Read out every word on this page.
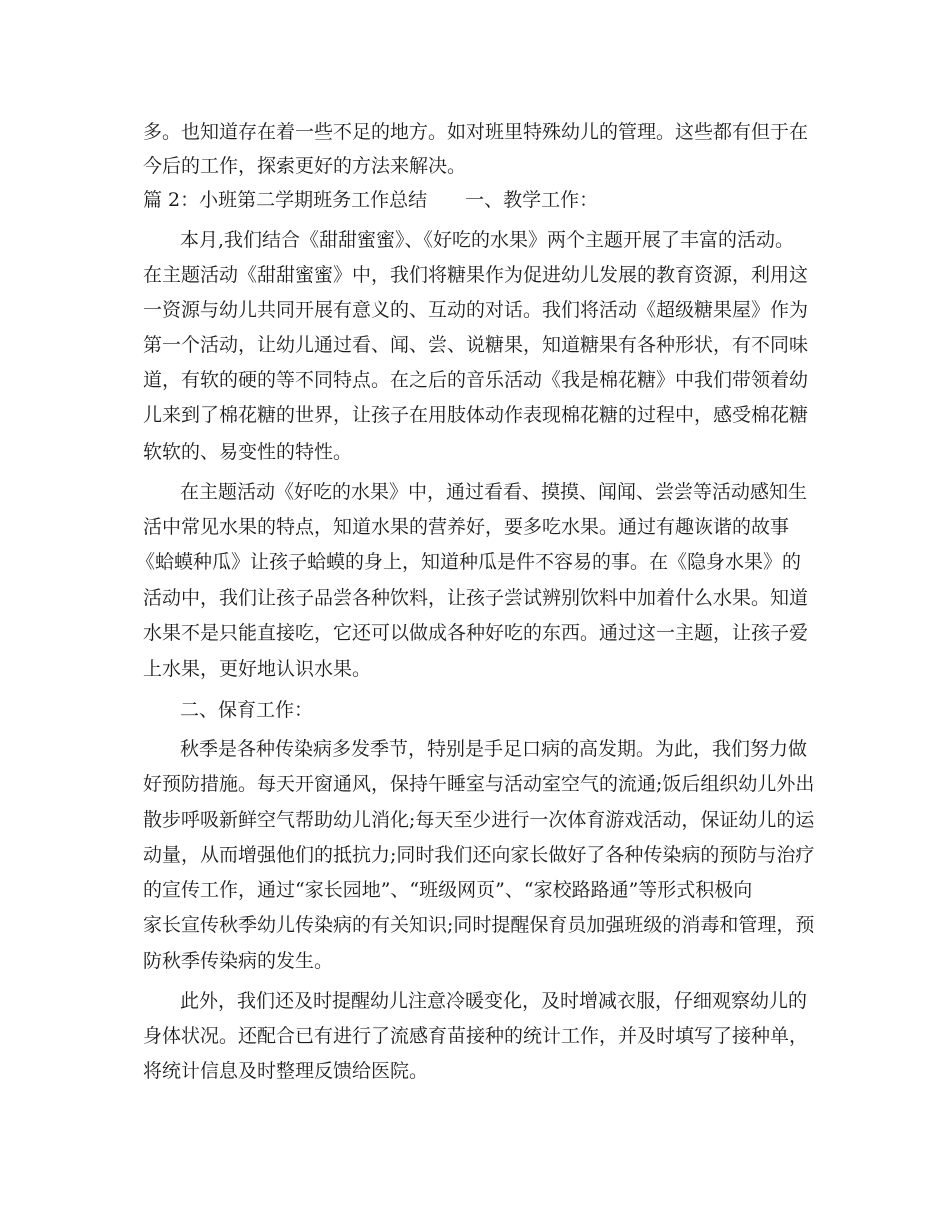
多。也知道存在着一些不足的地方。如对班里特殊幼儿的管理。这些都有但于在
今后的工作，探索更好的方法来解决。
篇 2：小班第二学期班务工作总结　　一、教学工作：
本月,我们结合《甜甜蜜蜜》、《好吃的水果》两个主题开展了丰富的活动。
在主题活动《甜甜蜜蜜》中，我们将糖果作为促进幼儿发展的教育资源，利用这
一资源与幼儿共同开展有意义的、互动的对话。我们将活动《超级糖果屋》作为
第一个活动，让幼儿通过看、闻、尝、说糖果，知道糖果有各种形状，有不同味
道，有软的硬的等不同特点。在之后的音乐活动《我是棉花糖》中我们带领着幼
儿来到了棉花糖的世界，让孩子在用肢体动作表现棉花糖的过程中，感受棉花糖
软软的、易变性的特性。
在主题活动《好吃的水果》中，通过看看、摸摸、闻闻、尝尝等活动感知生
活中常见水果的特点，知道水果的营养好，要多吃水果。通过有趣诙谐的故事
《蛤蟆种瓜》让孩子蛤蟆的身上，知道种瓜是件不容易的事。在《隐身水果》的
活动中，我们让孩子品尝各种饮料，让孩子尝试辨别饮料中加着什么水果。知道
水果不是只能直接吃，它还可以做成各种好吃的东西。通过这一主题，让孩子爱
上水果，更好地认识水果。
二、保育工作：
秋季是各种传染病多发季节，特别是手足口病的高发期。为此，我们努力做
好预防措施。每天开窗通风，保持午睡室与活动室空气的流通;饭后组织幼儿外出
散步呼吸新鲜空气帮助幼儿消化;每天至少进行一次体育游戏活动，保证幼儿的运
动量，从而增强他们的抵抗力;同时我们还向家长做好了各种传染病的预防与治疗
的宣传工作，通过“家长园地”、“班级网页”、“家校路路通”等形式积极向
家长宣传秋季幼儿传染病的有关知识;同时提醒保育员加强班级的消毒和管理，预
防秋季传染病的发生。
此外，我们还及时提醒幼儿注意冷暖变化，及时增减衣服，仔细观察幼儿的
身体状况。还配合已有进行了流感育苗接种的统计工作，并及时填写了接种单，
将统计信息及时整理反馈给医院。
